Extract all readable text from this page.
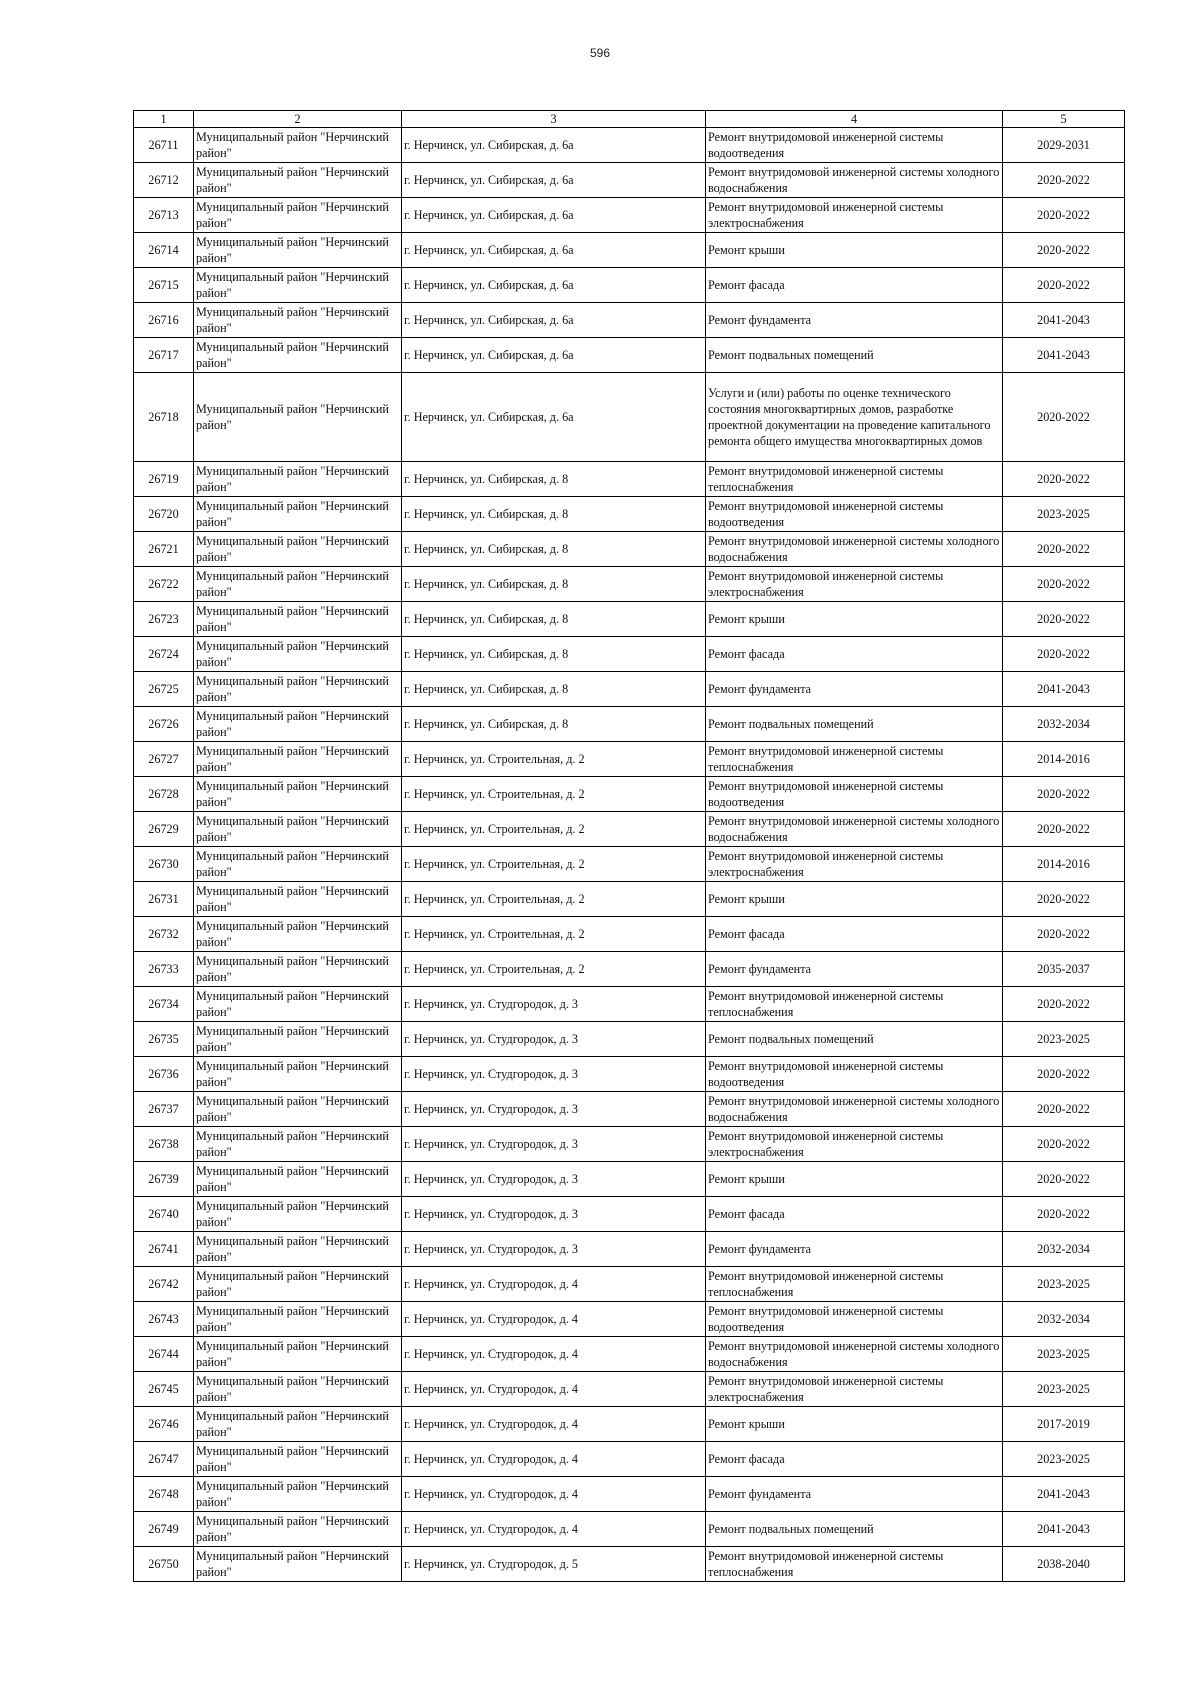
596
1	2	3	4	5
26711	Муниципальный район "Нерчинский район"	г. Нерчинск, ул. Сибирская, д. 6а	Ремонт внутридомовой инженерной системы водоотведения	2029-2031
26712	Муниципальный район "Нерчинский район"	г. Нерчинск, ул. Сибирская, д. 6а	Ремонт внутридомовой инженерной системы холодного водоснабжения	2020-2022
26713	Муниципальный район "Нерчинский район"	г. Нерчинск, ул. Сибирская, д. 6а	Ремонт внутридомовой инженерной системы электроснабжения	2020-2022
26714	Муниципальный район "Нерчинский район"	г. Нерчинск, ул. Сибирская, д. 6а	Ремонт крыши	2020-2022
26715	Муниципальный район "Нерчинский район"	г. Нерчинск, ул. Сибирская, д. 6а	Ремонт фасада	2020-2022
26716	Муниципальный район "Нерчинский район"	г. Нерчинск, ул. Сибирская, д. 6а	Ремонт фундамента	2041-2043
26717	Муниципальный район "Нерчинский район"	г. Нерчинск, ул. Сибирская, д. 6а	Ремонт подвальных помещений	2041-2043
26718	Муниципальный район "Нерчинский район"	г. Нерчинск, ул. Сибирская, д. 6а	Услуги и (или) работы по оценке технического состояния многоквартирных домов, разработке проектной документации на проведение капитального ремонта общего имущества многоквартирных домов	2020-2022
26719	Муниципальный район "Нерчинский район"	г. Нерчинск, ул. Сибирская, д. 8	Ремонт внутридомовой инженерной системы теплоснабжения	2020-2022
26720	Муниципальный район "Нерчинский район"	г. Нерчинск, ул. Сибирская, д. 8	Ремонт внутридомовой инженерной системы водоотведения	2023-2025
26721	Муниципальный район "Нерчинский район"	г. Нерчинск, ул. Сибирская, д. 8	Ремонт внутридомовой инженерной системы холодного водоснабжения	2020-2022
26722	Муниципальный район "Нерчинский район"	г. Нерчинск, ул. Сибирская, д. 8	Ремонт внутридомовой инженерной системы электроснабжения	2020-2022
26723	Муниципальный район "Нерчинский район"	г. Нерчинск, ул. Сибирская, д. 8	Ремонт крыши	2020-2022
26724	Муниципальный район "Нерчинский район"	г. Нерчинск, ул. Сибирская, д. 8	Ремонт фасада	2020-2022
26725	Муниципальный район "Нерчинский район"	г. Нерчинск, ул. Сибирская, д. 8	Ремонт фундамента	2041-2043
26726	Муниципальный район "Нерчинский район"	г. Нерчинск, ул. Сибирская, д. 8	Ремонт подвальных помещений	2032-2034
26727	Муниципальный район "Нерчинский район"	г. Нерчинск, ул. Строительная, д. 2	Ремонт внутридомовой инженерной системы теплоснабжения	2014-2016
26728	Муниципальный район "Нерчинский район"	г. Нерчинск, ул. Строительная, д. 2	Ремонт внутридомовой инженерной системы водоотведения	2020-2022
26729	Муниципальный район "Нерчинский район"	г. Нерчинск, ул. Строительная, д. 2	Ремонт внутридомовой инженерной системы холодного водоснабжения	2020-2022
26730	Муниципальный район "Нерчинский район"	г. Нерчинск, ул. Строительная, д. 2	Ремонт внутридомовой инженерной системы электроснабжения	2014-2016
26731	Муниципальный район "Нерчинский район"	г. Нерчинск, ул. Строительная, д. 2	Ремонт крыши	2020-2022
26732	Муниципальный район "Нерчинский район"	г. Нерчинск, ул. Строительная, д. 2	Ремонт фасада	2020-2022
26733	Муниципальный район "Нерчинский район"	г. Нерчинск, ул. Строительная, д. 2	Ремонт фундамента	2035-2037
26734	Муниципальный район "Нерчинский район"	г. Нерчинск, ул. Студгородок, д. 3	Ремонт внутридомовой инженерной системы теплоснабжения	2020-2022
26735	Муниципальный район "Нерчинский район"	г. Нерчинск, ул. Студгородок, д. 3	Ремонт подвальных помещений	2023-2025
26736	Муниципальный район "Нерчинский район"	г. Нерчинск, ул. Студгородок, д. 3	Ремонт внутридомовой инженерной системы водоотведения	2020-2022
26737	Муниципальный район "Нерчинский район"	г. Нерчинск, ул. Студгородок, д. 3	Ремонт внутридомовой инженерной системы холодного водоснабжения	2020-2022
26738	Муниципальный район "Нерчинский район"	г. Нерчинск, ул. Студгородок, д. 3	Ремонт внутридомовой инженерной системы электроснабжения	2020-2022
26739	Муниципальный район "Нерчинский район"	г. Нерчинск, ул. Студгородок, д. 3	Ремонт крыши	2020-2022
26740	Муниципальный район "Нерчинский район"	г. Нерчинск, ул. Студгородок, д. 3	Ремонт фасада	2020-2022
26741	Муниципальный район "Нерчинский район"	г. Нерчинск, ул. Студгородок, д. 3	Ремонт фундамента	2032-2034
26742	Муниципальный район "Нерчинский район"	г. Нерчинск, ул. Студгородок, д. 4	Ремонт внутридомовой инженерной системы теплоснабжения	2023-2025
26743	Муниципальный район "Нерчинский район"	г. Нерчинск, ул. Студгородок, д. 4	Ремонт внутридомовой инженерной системы водоотведения	2032-2034
26744	Муниципальный район "Нерчинский район"	г. Нерчинск, ул. Студгородок, д. 4	Ремонт внутридомовой инженерной системы холодного водоснабжения	2023-2025
26745	Муниципальный район "Нерчинский район"	г. Нерчинск, ул. Студгородок, д. 4	Ремонт внутридомовой инженерной системы электроснабжения	2023-2025
26746	Муниципальный район "Нерчинский район"	г. Нерчинск, ул. Студгородок, д. 4	Ремонт крыши	2017-2019
26747	Муниципальный район "Нерчинский район"	г. Нерчинск, ул. Студгородок, д. 4	Ремонт фасада	2023-2025
26748	Муниципальный район "Нерчинский район"	г. Нерчинск, ул. Студгородок, д. 4	Ремонт фундамента	2041-2043
26749	Муниципальный район "Нерчинский район"	г. Нерчинск, ул. Студгородок, д. 4	Ремонт подвальных помещений	2041-2043
26750	Муниципальный район "Нерчинский район"	г. Нерчинск, ул. Студгородок, д. 5	Ремонт внутридомовой инженерной системы теплоснабжения	2038-2040
